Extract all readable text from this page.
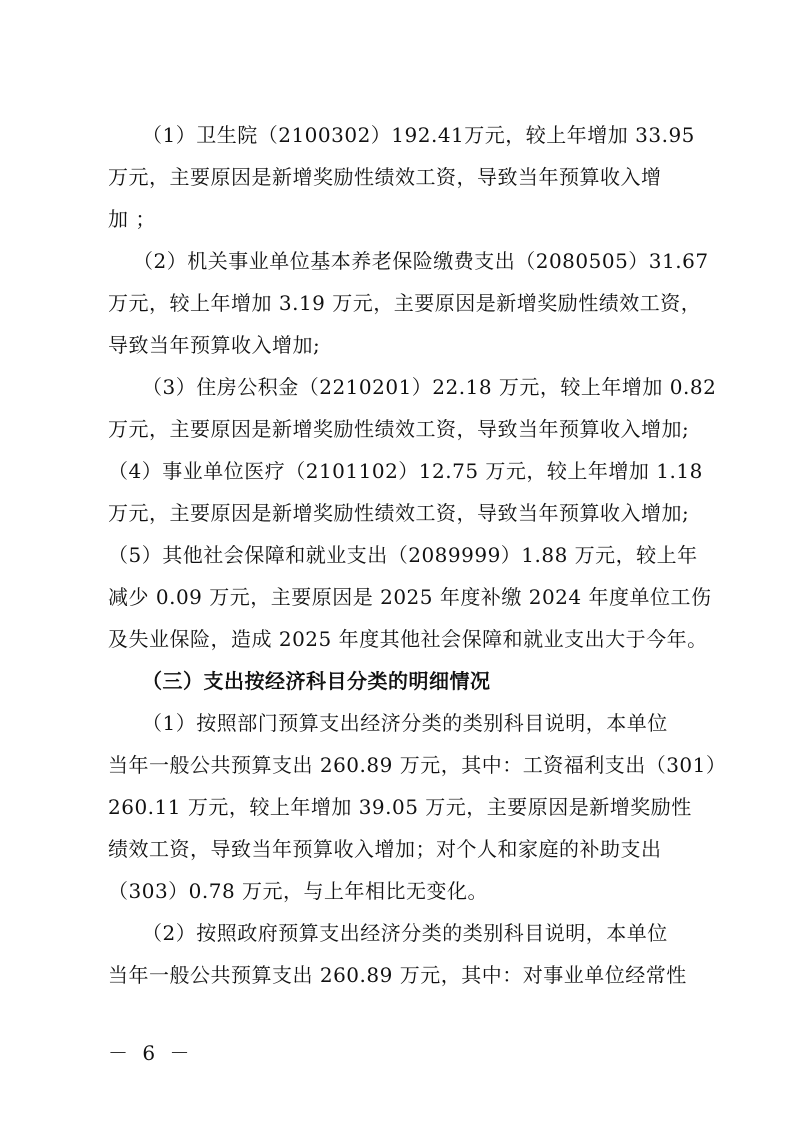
（1）卫生院（2100302）192.41万元，较上年增加 33.95
万元，主要原因是新增奖励性绩效工资，导致当年预算收入增
加 ；
（2）机关事业单位基本养老保险缴费支出（2080505）31.67
万元，较上年增加 3.19 万元，主要原因是新增奖励性绩效工资，
导致当年预算收入增加;
（3）住房公积金（2210201）22.18 万元，较上年增加 0.82
万元，主要原因是新增奖励性绩效工资，导致当年预算收入增加;
（4）事业单位医疗（2101102）12.75 万元，较上年增加 1.18
万元，主要原因是新增奖励性绩效工资，导致当年预算收入增加;
（5）其他社会保障和就业支出（2089999）1.88 万元，较上年
减少 0.09 万元，主要原因是 2025 年度补缴 2024 年度单位工伤
及失业保险，造成 2025 年度其他社会保障和就业支出大于今年。
（三）支出按经济科目分类的明细情况
（1）按照部门预算支出经济分类的类别科目说明，本单位
当年一般公共预算支出 260.89 万元，其中：工资福利支出（301）
260.11 万元，较上年增加 39.05 万元，主要原因是新增奖励性
绩效工资，导致当年预算收入增加；对个人和家庭的补助支出
（303）0.78 万元，与上年相比无变化。
（2）按照政府预算支出经济分类的类别科目说明，本单位
当年一般公共预算支出 260.89 万元，其中：对事业单位经常性
－ 6 －
